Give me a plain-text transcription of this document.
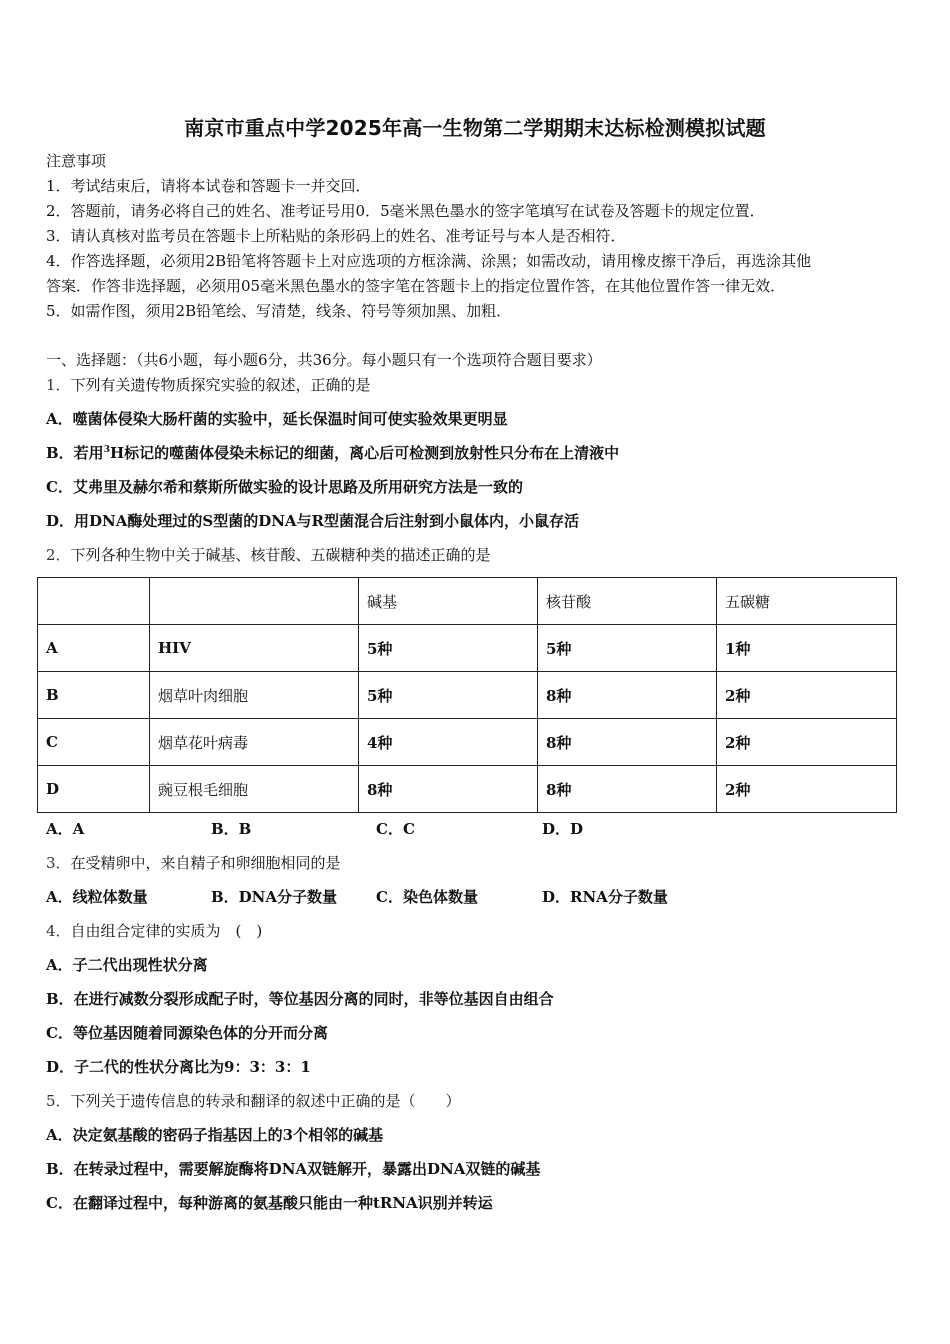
南京市重点中学2025年高一生物第二学期期末达标检测模拟试题
注意事项
1．考试结束后，请将本试卷和答题卡一并交回．
2．答题前，请务必将自己的姓名、准考证号用0．5毫米黑色墨水的签字笔填写在试卷及答题卡的规定位置．
3．请认真核对监考员在答题卡上所粘贴的条形码上的姓名、准考证号与本人是否相符．
4．作答选择题，必须用2B铅笔将答题卡上对应选项的方框涂满、涂黑；如需改动，请用橡皮擦干净后，再选涂其他
答案．作答非选择题，必须用05毫米黑色墨水的签字笔在答题卡上的指定位置作答，在其他位置作答一律无效．
5．如需作图，须用2B铅笔绘、写清楚，线条、符号等须加黑、加粗．
一、选择题：（共6小题，每小题6分，共36分。每小题只有一个选项符合题目要求）
1．下列有关遗传物质探究实验的叙述，正确的是
A．噬菌体侵染大肠杆菌的实验中，延长保温时间可使实验效果更明显
B．若用$^3$H标记的噬菌体侵染未标记的细菌，离心后可检测到放射性只分布在上清液中
C．艾弗里及赫尔希和蔡斯所做实验的设计思路及所用研究方法是一致的
D．用DNA酶处理过的S型菌的DNA与R型菌混合后注射到小鼠体内，小鼠存活
2．下列各种生物中关于碱基、核苷酸、五碳糖种类的描述正确的是
		碱基	核苷酸	五碳糖
A	HIV	5种	5种	1种
B	烟草叶肉细胞	5种	8种	2种
C	烟草花叶病毒	4种	8种	2种
D	豌豆根毛细胞	8种	8种	2种
A．A	B．B	C．C	D．D
3．在受精卵中，来自精子和卵细胞相同的是
A．线粒体数量	B．DNA分子数量	C．染色体数量	D．RNA分子数量
4．自由组合定律的实质为　(　)
A．子二代出现性状分离
B．在进行减数分裂形成配子时，等位基因分离的同时，非等位基因自由组合
C．等位基因随着同源染色体的分开而分离
D．子二代的性状分离比为9：3：3：1
5．下列关于遗传信息的转录和翻译的叙述中正确的是（　　）
A．决定氨基酸的密码子指基因上的3个相邻的碱基
B．在转录过程中，需要解旋酶将DNA双链解开，暴露出DNA双链的碱基
C．在翻译过程中，每种游离的氨基酸只能由一种tRNA识别并转运
